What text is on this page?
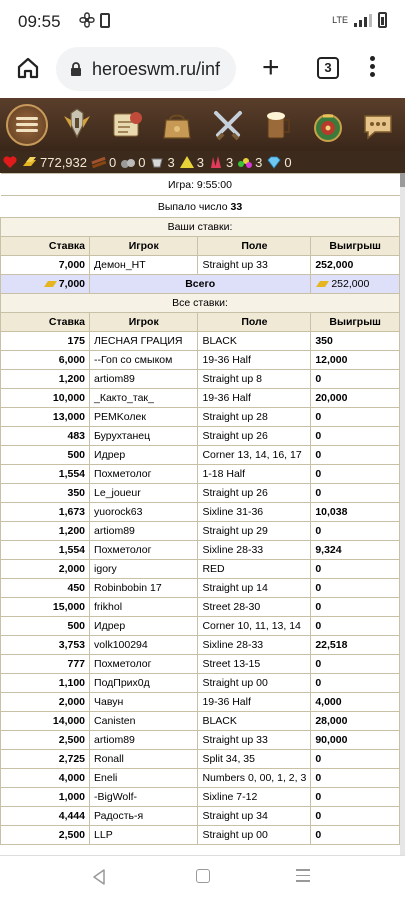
09:55	LTE
heroeswm.ru/inf +	3
772,932 0 0 3 3 3 3 0
Игра: 9:55:00			
Выпало число 33			
Ваши ставки:			
Ставка	Игрок	Поле	Выигрыш
7,000	Демон_НТ	Straight up 33	252,000
7,000	Всего		252,000
Все ставки:			
Ставка	Игрок	Поле	Выигрыш
175	ЛЕСНАЯ ГРАЦИЯ	BLACK	350
6,000	--Гоп со смыком	19-36 Half	12,000
1,200	artiom89	Straight up 8	0
10,000	_Както_так_	19-36 Half	20,000
13,000	PEMKолек	Straight up 28	0
483	Бурухтанец	Straight up 26	0
500	Идрер	Corner 13, 14, 16, 17	0
1,554	Похметолог	1-18 Half	0
350	Le_joueur	Straight up 26	0
1,673	yuorock63	Sixline 31-36	10,038
1,200	artiom89	Straight up 29	0
1,554	Похметолог	Sixline 28-33	9,324
2,000	igory	RED	0
450	Robinbobin 17	Straight up 14	0
15,000	frikhol	Street 28-30	0
500	Идрер	Corner 10, 11, 13, 14	0
3,753	volk100294	Sixline 28-33	22,518
777	Похметолог	Street 13-15	0
1,100	ПодПрих0д	Straight up 00	0
2,000	Чавун	19-36 Half	4,000
14,000	Canisten	BLACK	28,000
2,500	artiom89	Straight up 33	90,000
2,725	Ronall	Split 34, 35	0
4,000	Eneli	Numbers 0, 00, 1, 2, 3	0
1,000	-BigWolf-	Sixline 7-12	0
4,444	Радость-я	Straight up 34	0
2,500	LLP	Straight up 00	0
